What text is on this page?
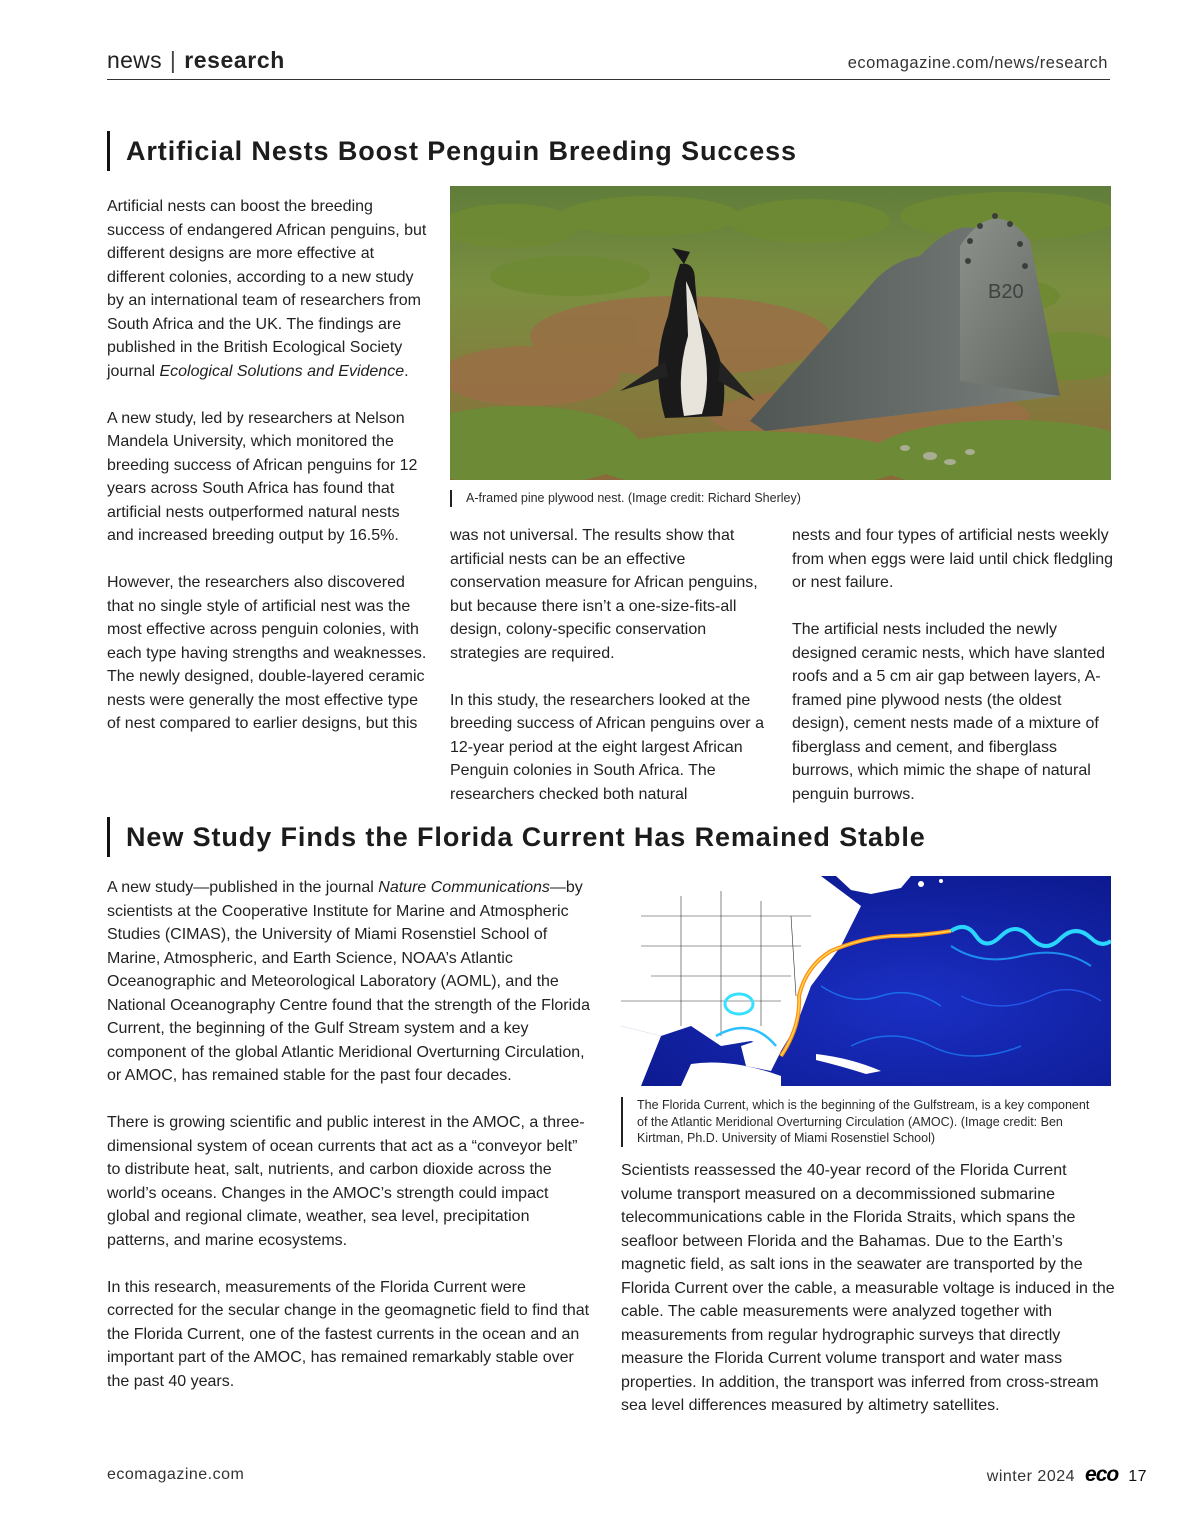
news | research	ecomagazine.com/news/research
Artificial Nests Boost Penguin Breeding Success

Artificial nests can boost the breeding success of endangered African penguins, but different designs are more effective at different colonies, according to a new study by an international team of researchers from South Africa and the UK. The findings are published in the British Ecological Society journal Ecological Solutions and Evidence.

A new study, led by researchers at Nelson Mandela University, which monitored the breeding success of African penguins for 12 years across South Africa has found that artificial nests outperformed natural nests and increased breeding output by 16.5%.

However, the researchers also discovered that no single style of artificial nest was the most effective across penguin colonies, with each type having strengths and weaknesses. The newly designed, double-layered ceramic nests were generally the most effective type of nest compared to earlier designs, but this

B20
A-framed pine plywood nest. (Image credit: Richard Sherley)

was not universal. The results show that artificial nests can be an effective conservation measure for African penguins, but because there isn’t a one-size-fits-all design, colony-specific conservation strategies are required.

In this study, the researchers looked at the breeding success of African penguins over a 12-year period at the eight largest African Penguin colonies in South Africa. The researchers checked both natural

nests and four types of artificial nests weekly from when eggs were laid until chick fledgling or nest failure.

The artificial nests included the newly designed ceramic nests, which have slanted roofs and a 5 cm air gap between layers, A-framed pine plywood nests (the oldest design), cement nests made of a mixture of fiberglass and cement, and fiberglass burrows, which mimic the shape of natural penguin burrows.

New Study Finds the Florida Current Has Remained Stable

A new study—published in the journal Nature Communications—by scientists at the Cooperative Institute for Marine and Atmospheric Studies (CIMAS), the University of Miami Rosenstiel School of Marine, Atmospheric, and Earth Science, NOAA’s Atlantic Oceanographic and Meteorological Laboratory (AOML), and the National Oceanography Centre found that the strength of the Florida Current, the beginning of the Gulf Stream system and a key component of the global Atlantic Meridional Overturning Circulation, or AMOC, has remained stable for the past four decades.

There is growing scientific and public interest in the AMOC, a three-dimensional system of ocean currents that act as a “conveyor belt” to distribute heat, salt, nutrients, and carbon dioxide across the world’s oceans. Changes in the AMOC’s strength could impact global and regional climate, weather, sea level, precipitation patterns, and marine ecosystems.

In this research, measurements of the Florida Current were corrected for the secular change in the geomagnetic field to find that the Florida Current, one of the fastest currents in the ocean and an important part of the AMOC, has remained remarkably stable over the past 40 years.

The Florida Current, which is the beginning of the Gulfstream, is a key component of the Atlantic Meridional Overturning Circulation (AMOC). (Image credit: Ben Kirtman, Ph.D. University of Miami Rosenstiel School)

Scientists reassessed the 40-year record of the Florida Current volume transport measured on a decommissioned submarine telecommunications cable in the Florida Straits, which spans the seafloor between Florida and the Bahamas. Due to the Earth’s magnetic field, as salt ions in the seawater are transported by the Florida Current over the cable, a measurable voltage is induced in the cable. The cable measurements were analyzed together with measurements from regular hydrographic surveys that directly measure the Florida Current volume transport and water mass properties. In addition, the transport was inferred from cross-stream sea level differences measured by altimetry satellites.

ecomagazine.com	winter 2024 eco 17
